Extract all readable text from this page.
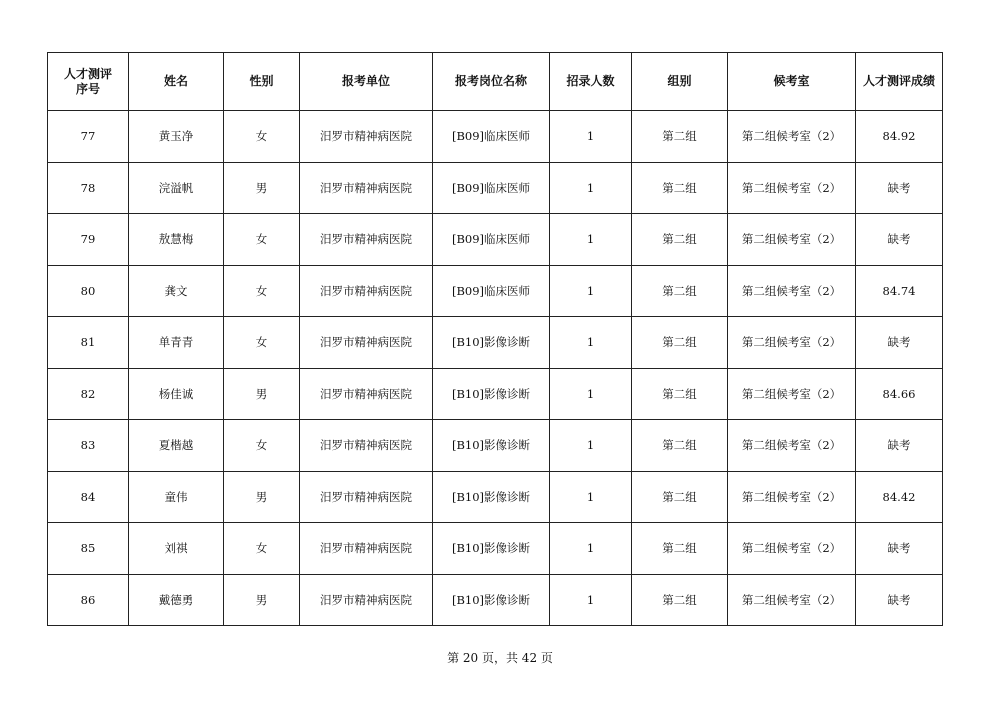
人才测评
序号	姓名	性别	报考单位	报考岗位名称	招录人数	组别	候考室	人才测评成绩
77	黄玉净	女	汨罗市精神病医院	[B09]临床医师	1	第二组	第二组候考室（2）	84.92
78	浣溢帆	男	汨罗市精神病医院	[B09]临床医师	1	第二组	第二组候考室（2）	缺考
79	敖慧梅	女	汨罗市精神病医院	[B09]临床医师	1	第二组	第二组候考室（2）	缺考
80	龚文	女	汨罗市精神病医院	[B09]临床医师	1	第二组	第二组候考室（2）	84.74
81	单青青	女	汨罗市精神病医院	[B10]影像诊断	1	第二组	第二组候考室（2）	缺考
82	杨佳诚	男	汨罗市精神病医院	[B10]影像诊断	1	第二组	第二组候考室（2）	84.66
83	夏楷越	女	汨罗市精神病医院	[B10]影像诊断	1	第二组	第二组候考室（2）	缺考
84	童伟	男	汨罗市精神病医院	[B10]影像诊断	1	第二组	第二组候考室（2）	84.42
85	刘祺	女	汨罗市精神病医院	[B10]影像诊断	1	第二组	第二组候考室（2）	缺考
86	戴德勇	男	汨罗市精神病医院	[B10]影像诊断	1	第二组	第二组候考室（2）	缺考
第 20 页，共 42 页
